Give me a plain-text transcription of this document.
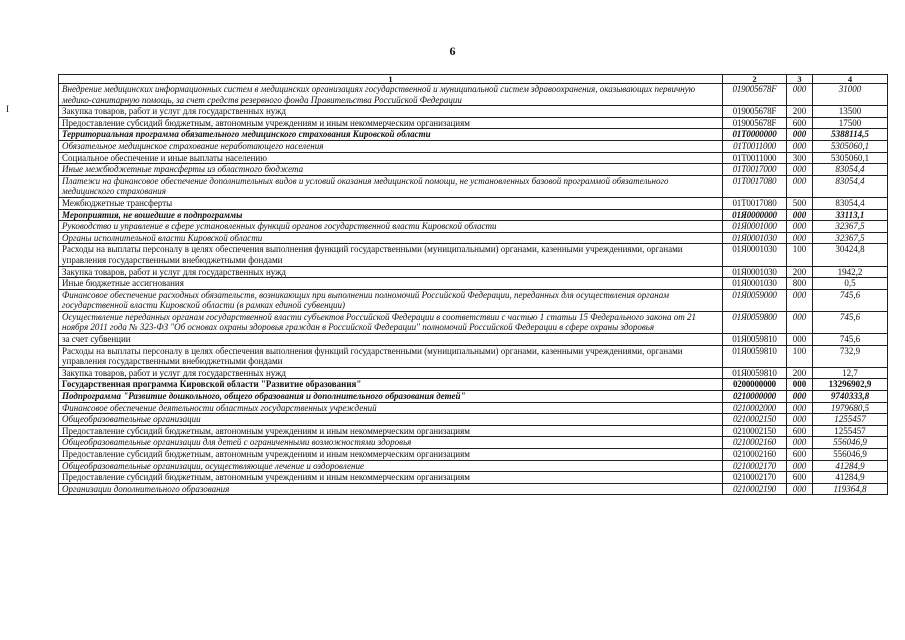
6
I
1	2	3	4
Внедрение медицинских информационных систем в медицинских организациях государственной и муниципальной систем здравоохранения, оказывающих первичную медико-санитарную помощь, за счет средств резервного фонда Правительства Российской Федерации	019005678F	000	31000
Закупка товаров, работ и услуг для государственных нужд	019005678F	200	13500
Предоставление субсидий бюджетным, автономным учреждениям и иным некоммерческим организациям	019005678F	600	17500
Территориальная программа обязательного медицинского страхования Кировской области	01T0000000	000	5388114,5
Обязательное медицинское страхование неработающего населения	01T0011000	000	5305060,1
Социальное обеспечение и иные выплаты населению	01T0011000	300	5305060,1
Иные межбюджетные трансферты из областного бюджета	01T0017000	000	83054,4
Платежи на финансовое обеспечение дополнительных видов и условий оказания медицинской помощи, не установленных базовой программой обязательного медицинского страхования	01T0017080	000	83054,4
Межбюджетные трансферты	01T0017080	500	83054,4
Мероприятия, не вошедшие в подпрограммы	01Я0000000	000	33113,1
Руководство и управление в сфере установленных функций органов государственной власти Кировской области	01Я0001000	000	32367,5
Органы исполнительной власти Кировской области	01Я0001030	000	32367,5
Расходы на выплаты персоналу в целях обеспечения выполнения функций государственными (муниципальными) органами, казенными учреждениями, органами управления государственными внебюджетными фондами	01Я0001030	100	30424,8
Закупка товаров, работ и услуг для государственных нужд	01Я0001030	200	1942,2
Иные бюджетные ассигнования	01Я0001030	800	0,5
Финансовое обеспечение расходных обязательств, возникающих при выполнении полномочий Российской Федерации, переданных для осуществления органам государственной власти Кировской области (в рамках единой субвенции)	01Я0059000	000	745,6
Осуществление переданных органам государственной власти субъектов Российской Федерации в соответствии с частью 1 статьи 15 Федерального закона от 21 ноября 2011 года № 323-ФЗ "Об основах охраны здоровья граждан в Российской Федерации" полномочий Российской Федерации в сфере охраны здоровья	01Я0059800	000	745,6
за счет субвенции	01Я0059810	000	745,6
Расходы на выплаты персоналу в целях обеспечения выполнения функций государственными (муниципальными) органами, казенными учреждениями, органами управления государственными внебюджетными фондами	01Я0059810	100	732,9
Закупка товаров, работ и услуг для государственных нужд	01Я0059810	200	12,7
Государственная программа Кировской области "Развитие образования"	0200000000	000	13296902,9
Подпрограмма "Развитие дошкольного, общего образования и дополнительного образования детей"	0210000000	000	9740333,8
Финансовое обеспечение деятельности областных государственных учреждений	0210002000	000	1979680,5
Общеобразовательные организации	0210002150	000	1255457
Предоставление субсидий бюджетным, автономным учреждениям и иным некоммерческим организациям	0210002150	600	1255457
Общеобразовательные организации для детей с ограниченными возможностями здоровья	0210002160	000	556046,9
Предоставление субсидий бюджетным, автономным учреждениям и иным некоммерческим организациям	0210002160	600	556046,9
Общеобразовательные организации, осуществляющие лечение и оздоровление	0210002170	000	41284,9
Предоставление субсидий бюджетным, автономным учреждениям и иным некоммерческим организациям	0210002170	600	41284,9
Организации дополнительного образования	0210002190	000	119364,8
